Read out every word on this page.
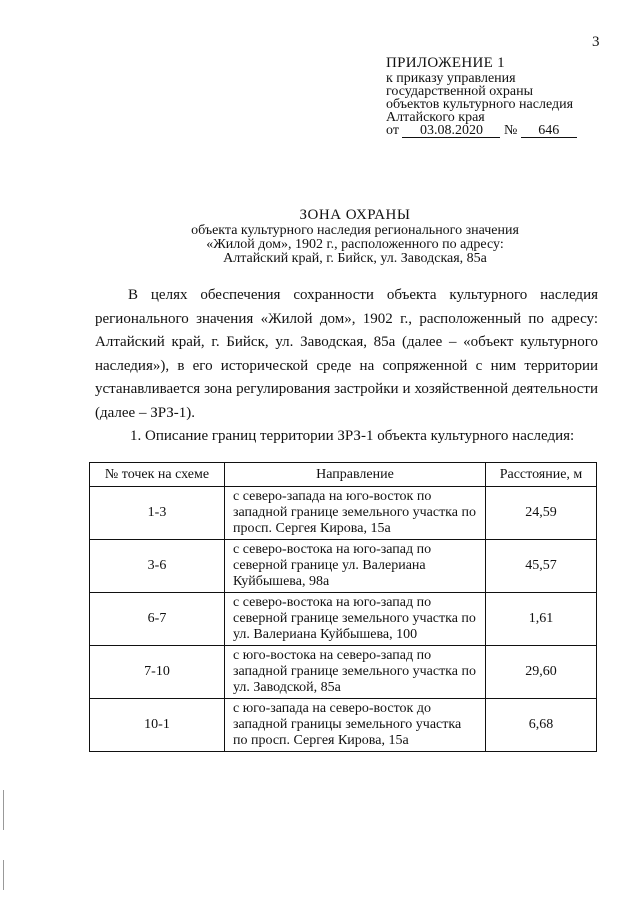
3
ПРИЛОЖЕНИЕ 1
к приказу управления
государственной охраны
объектов культурного наследия
Алтайского края
от 03.08.2020 № 646
ЗОНА ОХРАНЫ
объекта культурного наследия регионального значения
«Жилой дом», 1902 г., расположенного по адресу:
Алтайский край, г. Бийск, ул. Заводская, 85а
В целях обеспечения сохранности объекта культурного наследия регионального значения «Жилой дом», 1902 г., расположенный по адресу: Алтайский край, г. Бийск, ул. Заводская, 85а (далее – «объект культурного наследия»), в его исторической среде на сопряженной с ним территории устанавливается зона регулирования застройки и хозяйственной деятельности (далее – ЗРЗ-1).
1. Описание границ территории ЗРЗ-1 объекта культурного наследия:
№ точек на схеме	Направление	Расстояние, м
1-3	с северо-запада на юго-восток по западной границе земельного участка по просп. Сергея Кирова, 15а	24,59
3-6	с северо-востока на юго-запад по северной границе ул. Валериана Куйбышева, 98а	45,57
6-7	с северо-востока на юго-запад по северной границе земельного участка по ул. Валериана Куйбышева, 100	1,61
7-10	с юго-востока на северо-запад по западной границе земельного участка по ул. Заводской, 85а	29,60
10-1	с юго-запада на северо-восток до западной границы земельного участка по просп. Сергея Кирова, 15а	6,68
